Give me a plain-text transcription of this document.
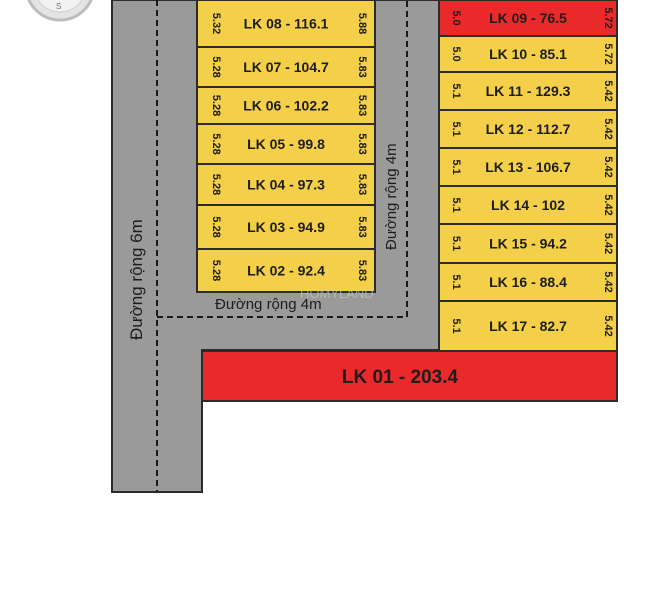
S
LK 08 - 116.1
5.32	5.88
LK 07 - 104.7
5.28	5.83
LK 06 - 102.2
5.28	5.83
LK 05 - 99.8
5.28	5.83
LK 04 - 97.3
5.28	5.83
LK 03 - 94.9
5.28	5.83
LK 02 - 92.4
5.28	5.83
LK 09 - 76.5
5.0	5.72
LK 10 - 85.1
5.0	5.72
LK 11 - 129.3
5.1	5.42
LK 12 - 112.7
5.1	5.42
LK 13 - 106.7
5.1	5.42
LK 14 - 102
5.1	5.42
LK 15 - 94.2
5.1	5.42
LK 16 - 88.4
5.1	5.42
LK 17 - 82.7
5.1	5.42
LK 01 - 203.4
Đường rộng 6m
Đường rộng 4m
Đường rộng 4m
HOMYLAND
